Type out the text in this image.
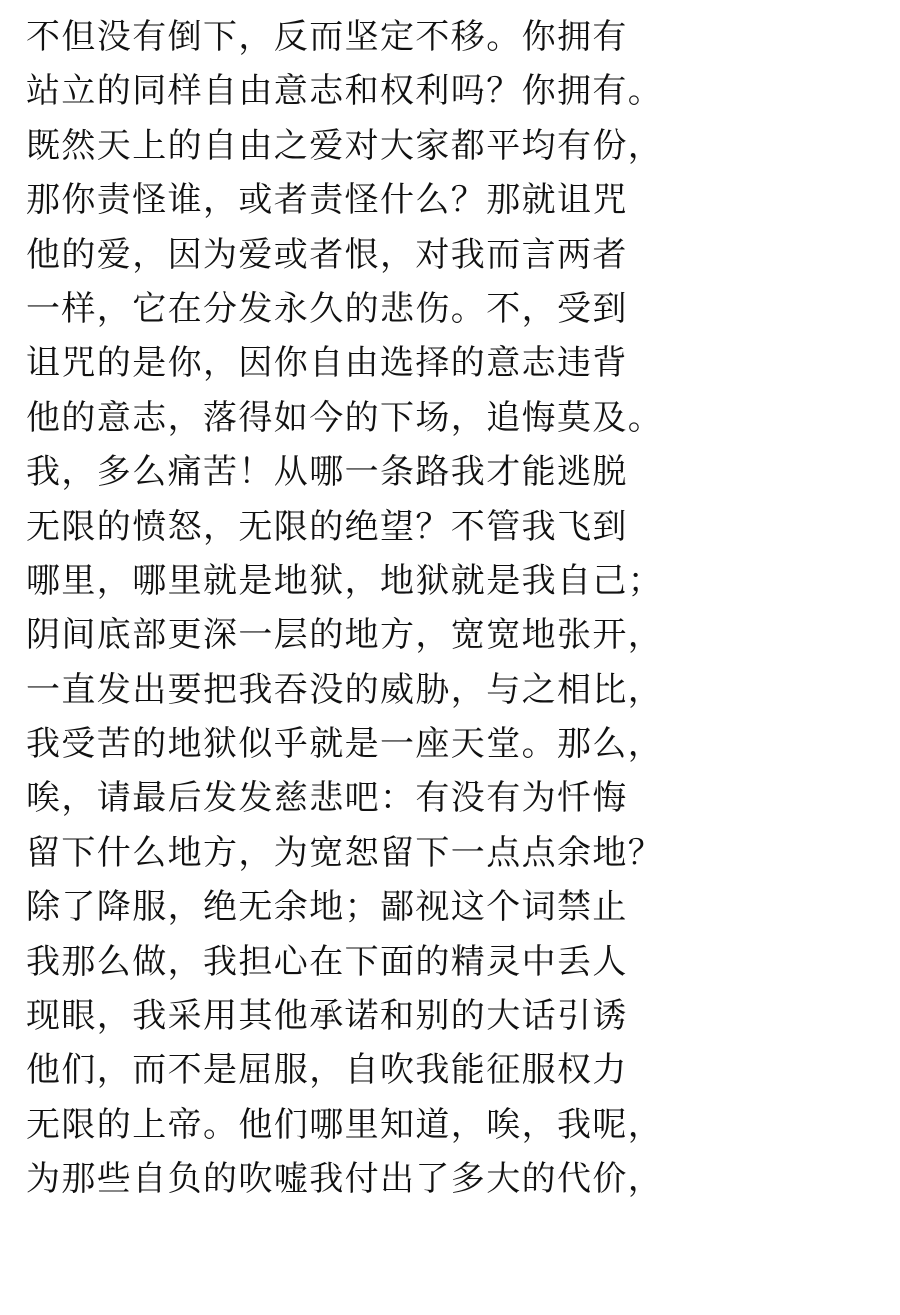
不但没有倒下，反而坚定不移。你拥有
站立的同样自由意志和权利吗？你拥有。
既然天上的自由之爱对大家都平均有份，
那你责怪谁，或者责怪什么？那就诅咒
他的爱，因为爱或者恨，对我而言两者
一样，它在分发永久的悲伤。不，受到
诅咒的是你，因你自由选择的意志违背
他的意志，落得如今的下场，追悔莫及。
我，多么痛苦！从哪一条路我才能逃脱
无限的愤怒，无限的绝望？不管我飞到
哪里，哪里就是地狱，地狱就是我自己；
阴间底部更深一层的地方，宽宽地张开，
一直发出要把我吞没的威胁，与之相比，
我受苦的地狱似乎就是一座天堂。那么，
唉，请最后发发慈悲吧：有没有为忏悔
留下什么地方，为宽恕留下一点点余地？
除了降服，绝无余地；鄙视这个词禁止
我那么做，我担心在下面的精灵中丢人
现眼，我采用其他承诺和别的大话引诱
他们，而不是屈服，自吹我能征服权力
无限的上帝。他们哪里知道，唉，我呢，
为那些自负的吹嘘我付出了多大的代价，
